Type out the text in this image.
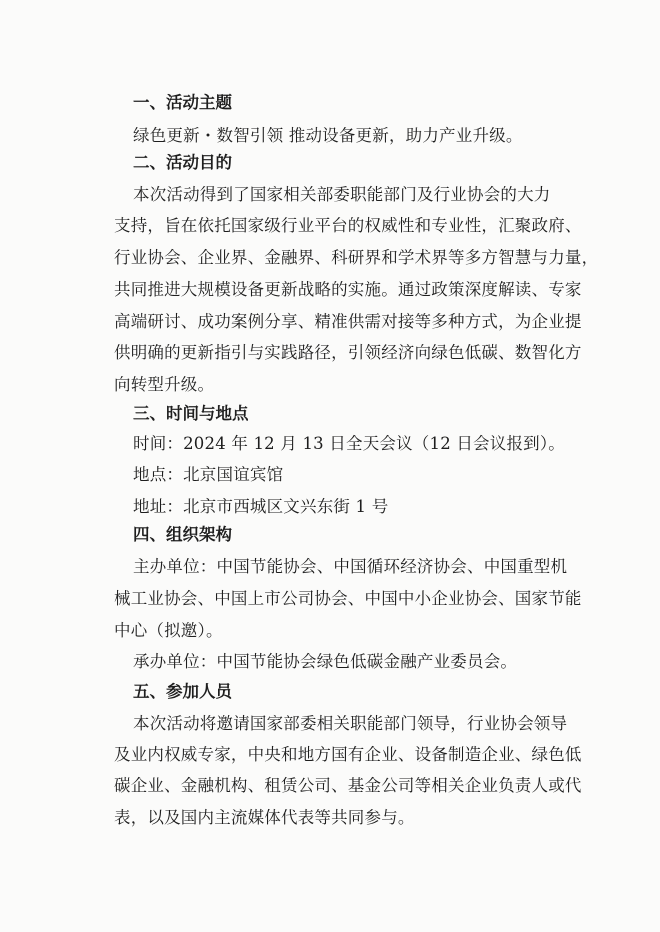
一、活动主题

绿色更新・数智引领 推动设备更新，助力产业升级。

二、活动目的

本次活动得到了国家相关部委职能部门及行业协会的大力

支持，旨在依托国家级行业平台的权威性和专业性，汇聚政府、

行业协会、企业界、金融界、科研界和学术界等多方智慧与力量，

共同推进大规模设备更新战略的实施。通过政策深度解读、专家

高端研讨、成功案例分享、精准供需对接等多种方式，为企业提

供明确的更新指引与实践路径，引领经济向绿色低碳、数智化方

向转型升级。

三、时间与地点

时间：2024 年 12 月 13 日全天会议（12 日会议报到）。

地点：北京国谊宾馆

地址：北京市西城区文兴东街 1 号

四、组织架构

主办单位：中国节能协会、中国循环经济协会、中国重型机

械工业协会、中国上市公司协会、中国中小企业协会、国家节能

中心（拟邀）。

承办单位：中国节能协会绿色低碳金融产业委员会。

五、参加人员

本次活动将邀请国家部委相关职能部门领导，行业协会领导

及业内权威专家，中央和地方国有企业、设备制造企业、绿色低

碳企业、金融机构、租赁公司、基金公司等相关企业负责人或代

表，以及国内主流媒体代表等共同参与。
